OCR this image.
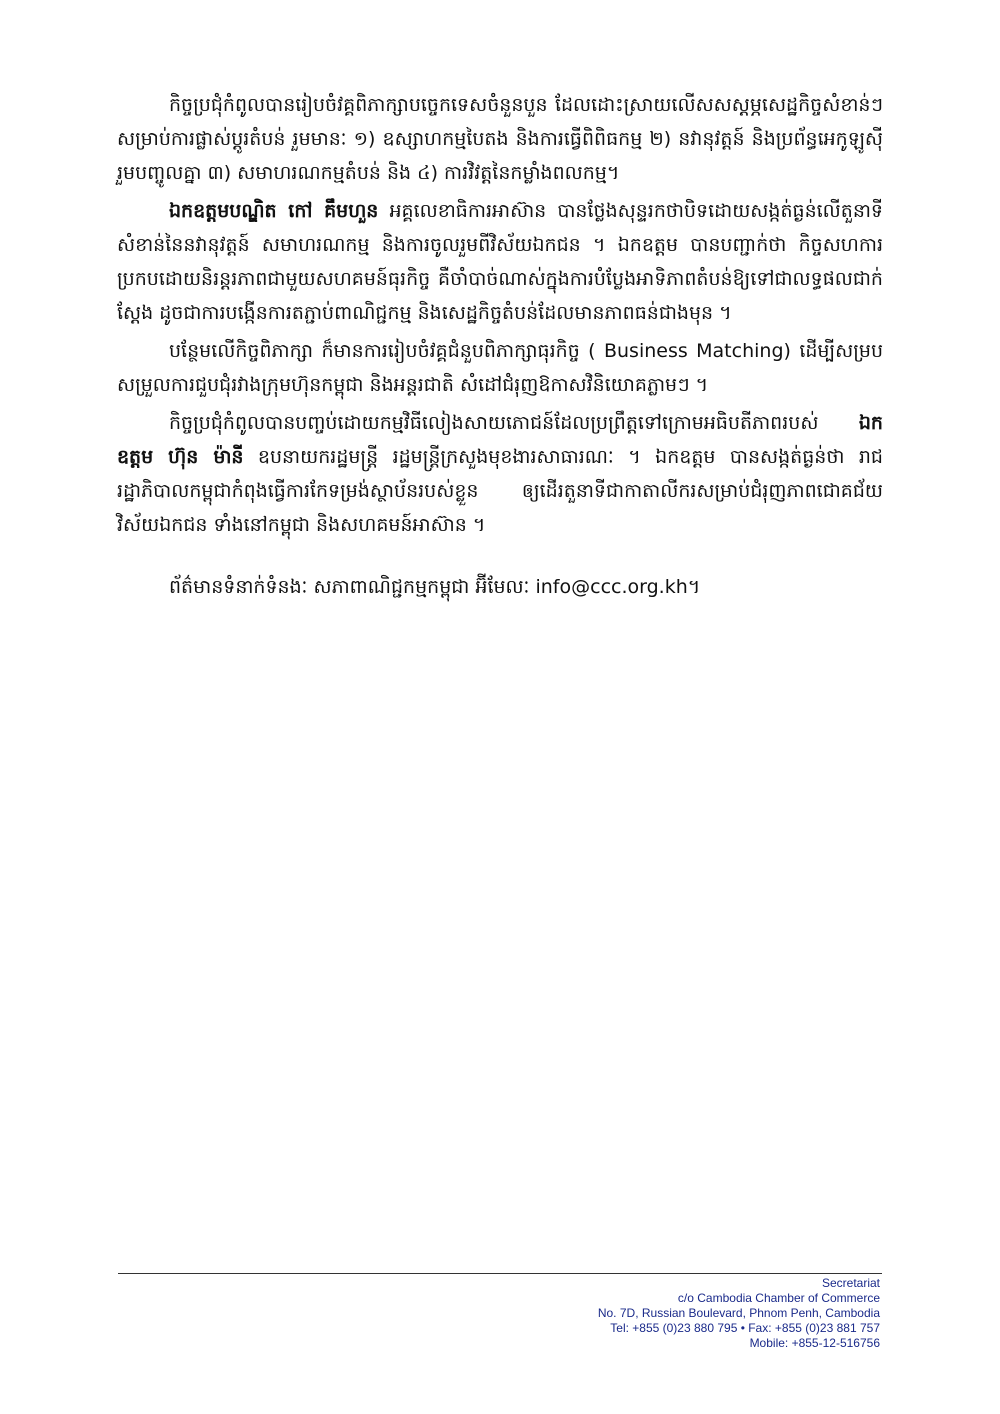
កិច្ចប្រជុំកំពូលបានរៀបចំវគ្គពិភាក្សាបច្ចេកទេសចំនួនបួន ដែលដោះស្រាយលើសសស្តម្ភសេដ្ឋកិច្ចសំខាន់ៗសម្រាប់ការផ្លាស់ប្តូរតំបន់ រួមមានៈ ១) ឧស្សាហកម្មបៃតង និងការធ្វើពិពិធកម្ម ២) នវានុវត្តន៍ និងប្រព័ន្ធអេកូឡូស៊ីរួមបញ្ចូលគ្នា ៣) សមាហរណកម្មតំបន់ និង ៤) ការវិវត្តនៃកម្លាំងពលកម្ម។

ឯកឧត្តមបណ្ឌិត កៅ គឹមហួន អគ្គលេខាធិការអាស៊ាន បានថ្លែងសុន្ទរកថាបិទដោយសង្កត់ធ្ងន់លើតួនាទីសំខាន់នៃនវានុវត្តន៍ សមាហរណកម្ម និងការចូលរួមពីវិស័យឯកជន ។ ឯកឧត្តម បានបញ្ជាក់ថា កិច្ចសហការប្រកបដោយនិរន្តរភាពជាមួយសហគមន៍ធុរកិច្ច គឺចាំបាច់ណាស់ក្នុងការបំប្លែងអាទិភាពតំបន់ឱ្យទៅជាលទ្ធផលជាក់ស្តែង ដូចជាការបង្កើនការតភ្ជាប់ពាណិជ្ជកម្ម និងសេដ្ឋកិច្ចតំបន់ដែលមានភាពធន់ជាងមុន ។

បន្ថែមលើកិច្ចពិភាក្សា ក៏មានការរៀបចំវគ្គជំនួបពិភាក្សាធុរកិច្ច ( Business Matching) ដើម្បីសម្របសម្រួលការជួបជុំរវាងក្រុមហ៊ុនកម្ពុជា និងអន្តរជាតិ សំដៅជំរុញឱកាសវិនិយោគភ្លាមៗ ។

កិច្ចប្រជុំកំពូលបានបញ្ចប់ដោយកម្មវិធីលៀងសាយភោជន៍ដែលប្រព្រឹត្តទៅក្រោមអធិបតីភាពរបស់ ឯកឧត្តម ហ៊ុន ម៉ានី ឧបនាយករដ្ឋមន្ត្រី រដ្ឋមន្ត្រីក្រសួងមុខងារសាធារណៈ ។ ឯកឧត្តម បានសង្កត់ធ្ងន់ថា រាជរដ្ឋាភិបាលកម្ពុជាកំពុងធ្វើការកែទម្រង់ស្ថាប័នរបស់ខ្លួន ឲ្យដើរតួនាទីជាកាតាលីករសម្រាប់ជំរុញភាពជោគជ័យវិស័យឯកជន ទាំងនៅកម្ពុជា និងសហគមន៍អាស៊ាន ។

ព័ត៌មានទំនាក់ទំនងៈ សភាពាណិជ្ជកម្មកម្ពុជា អ៊ីមែលៈ info@ccc.org.kh។

Secretariat
c/o Cambodia Chamber of Commerce
No. 7D, Russian Boulevard, Phnom Penh, Cambodia
Tel: +855 (0)23 880 795 • Fax: +855 (0)23 881 757
Mobile: +855-12-516756
